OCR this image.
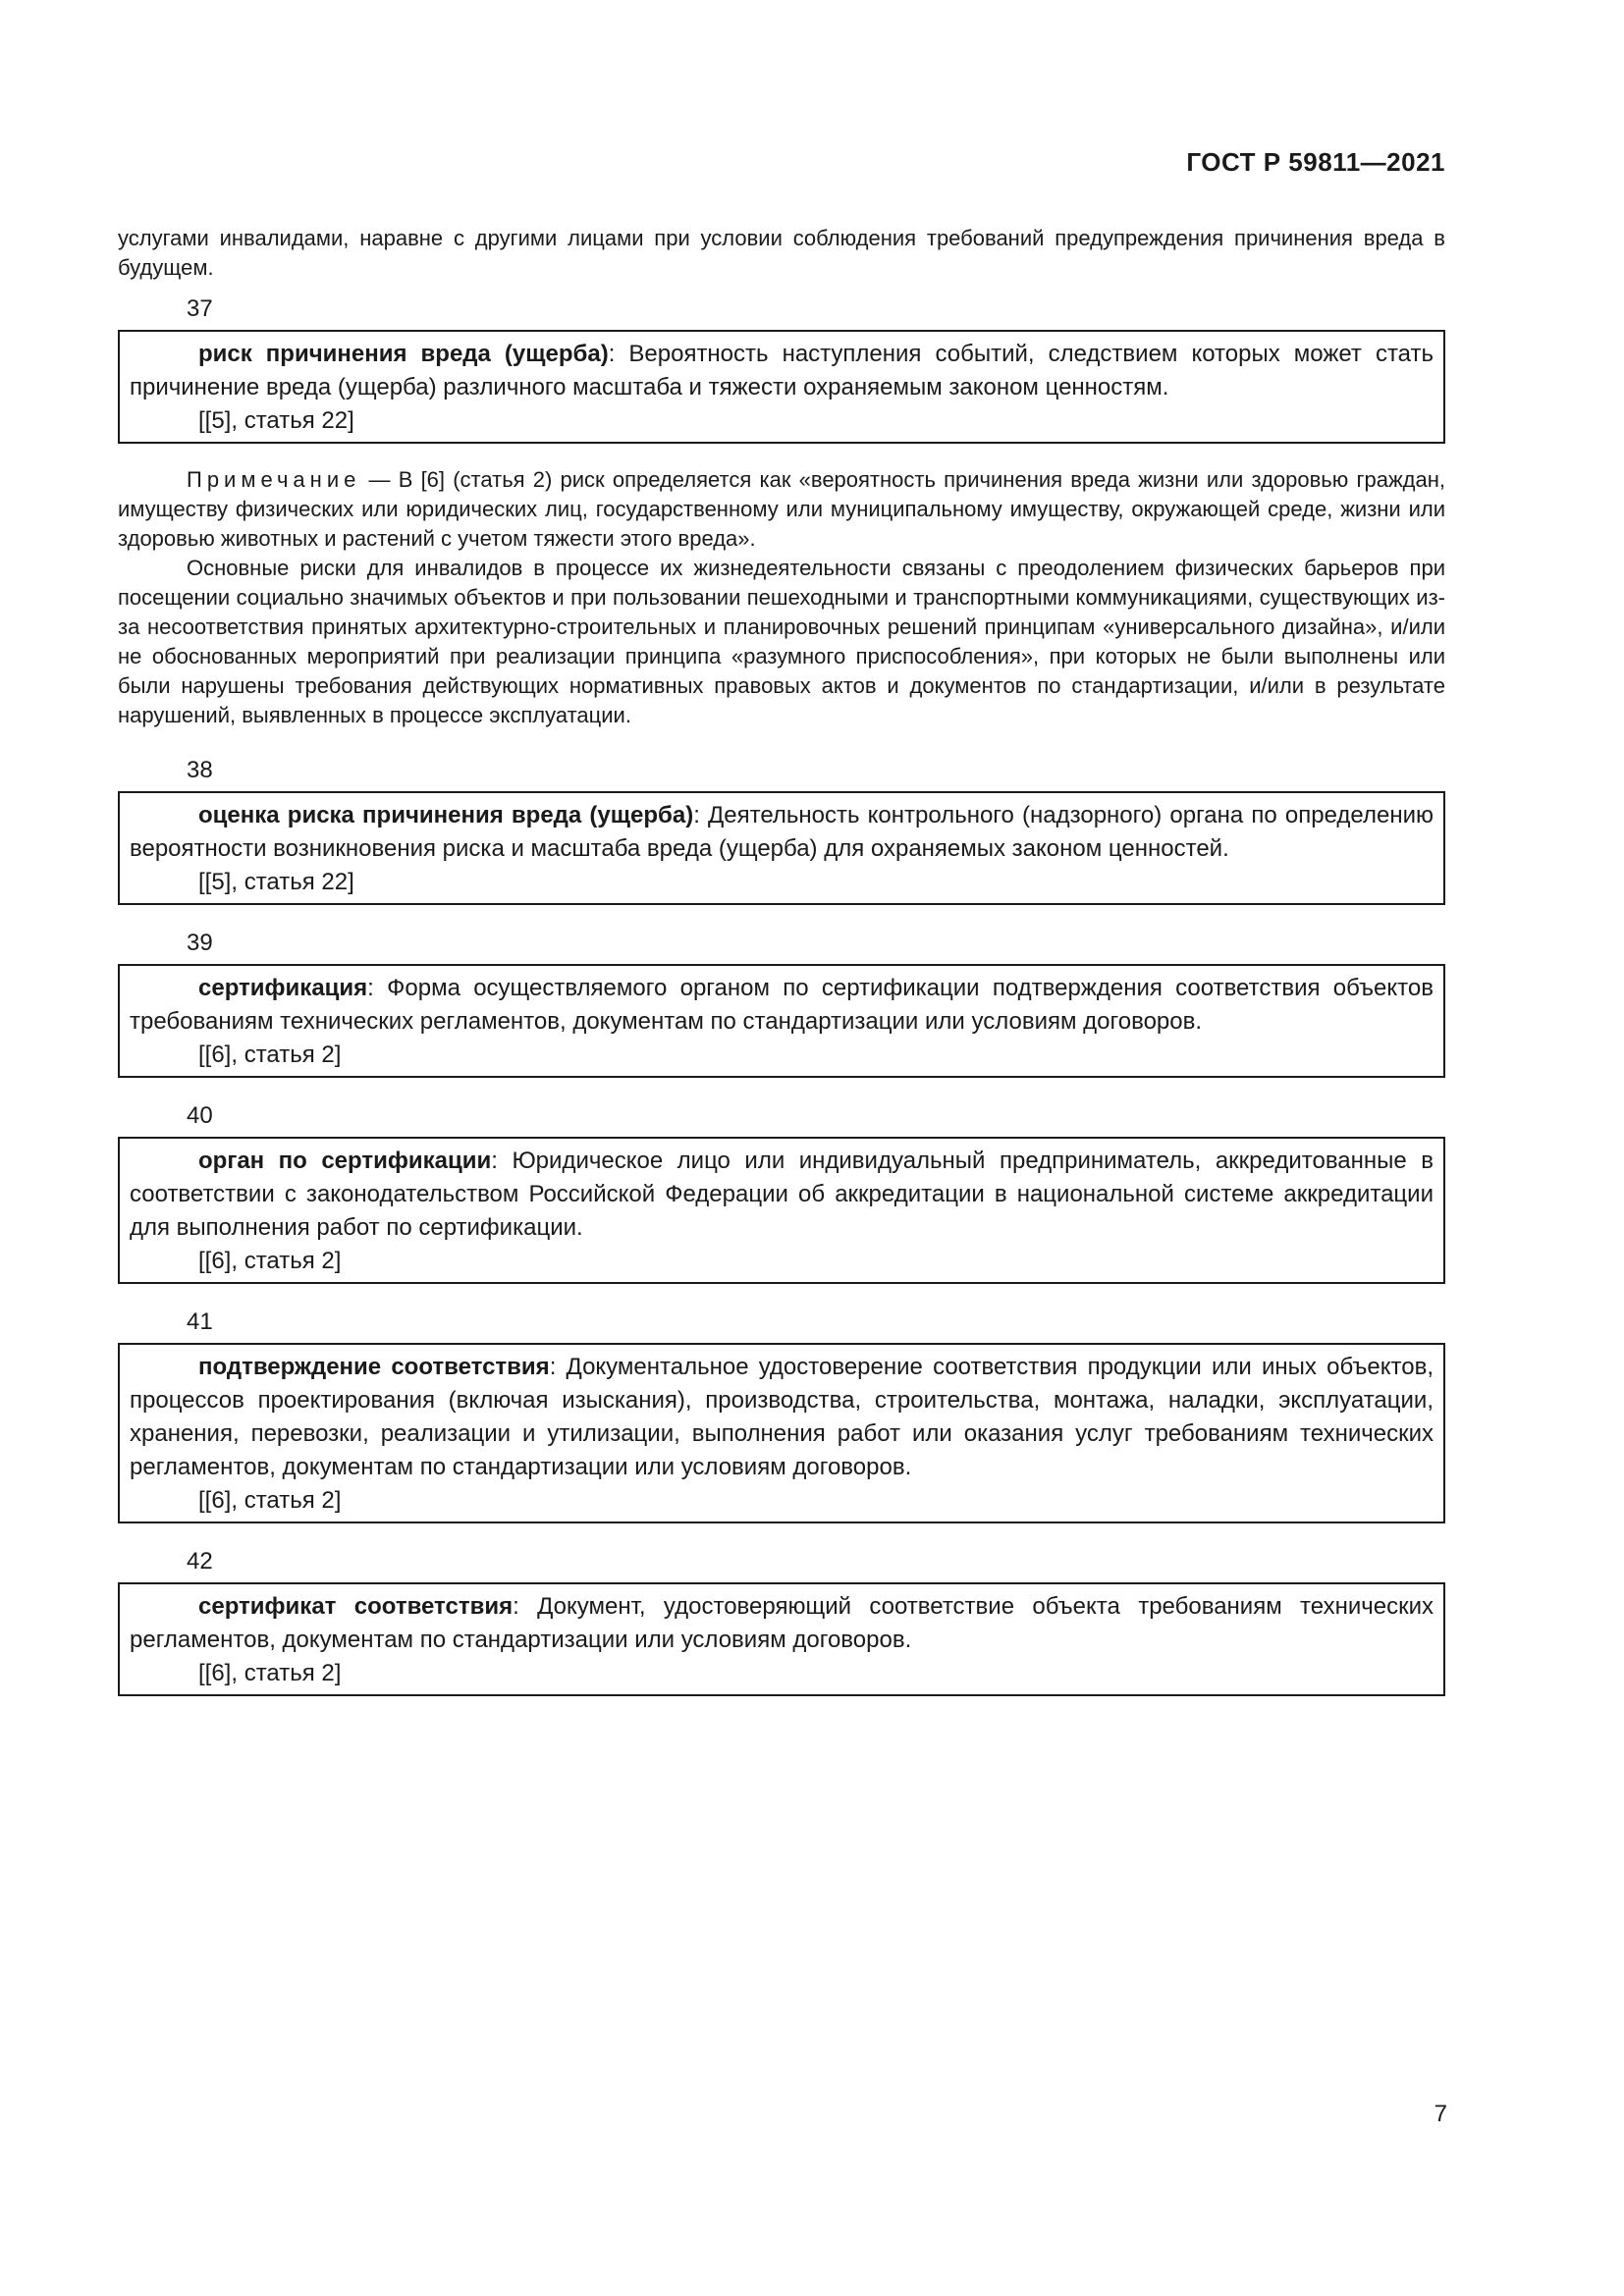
ГОСТ Р 59811—2021

услугами инвалидами, наравне с другими лицами при условии соблюдения требований предупреждения причинения вреда в будущем.

37

риск причинения вреда (ущерба): Вероятность наступления событий, следствием которых может стать причинение вреда (ущерба) различного масштаба и тяжести охраняемым законом ценностям.

[[5], статья 22]

Примечание — В [6] (статья 2) риск определяется как «вероятность причинения вреда жизни или здоровью граждан, имуществу физических или юридических лиц, государственному или муниципальному имуществу, окружающей среде, жизни или здоровью животных и растений с учетом тяжести этого вреда».

Основные риски для инвалидов в процессе их жизнедеятельности связаны с преодолением физических барьеров при посещении социально значимых объектов и при пользовании пешеходными и транспортными коммуникациями, существующих из-за несоответствия принятых архитектурно-строительных и планировочных решений принципам «универсального дизайна», и/или не обоснованных мероприятий при реализации принципа «разумного приспособления», при которых не были выполнены или были нарушены требования действующих нормативных правовых актов и документов по стандартизации, и/или в результате нарушений, выявленных в процессе эксплуатации.

38

оценка риска причинения вреда (ущерба): Деятельность контрольного (надзорного) органа по определению вероятности возникновения риска и масштаба вреда (ущерба) для охраняемых законом ценностей.

[[5], статья 22]

39

сертификация: Форма осуществляемого органом по сертификации подтверждения соответствия объектов требованиям технических регламентов, документам по стандартизации или условиям договоров.

[[6], статья 2]

40

орган по сертификации: Юридическое лицо или индивидуальный предприниматель, аккредитованные в соответствии с законодательством Российской Федерации об аккредитации в национальной системе аккредитации для выполнения работ по сертификации.

[[6], статья 2]

41

подтверждение соответствия: Документальное удостоверение соответствия продукции или иных объектов, процессов проектирования (включая изыскания), производства, строительства, монтажа, наладки, эксплуатации, хранения, перевозки, реализации и утилизации, выполнения работ или оказания услуг требованиям технических регламентов, документам по стандартизации или условиям договоров.

[[6], статья 2]

42

сертификат соответствия: Документ, удостоверяющий соответствие объекта требованиям технических регламентов, документам по стандартизации или условиям договоров.

[[6], статья 2]

7
